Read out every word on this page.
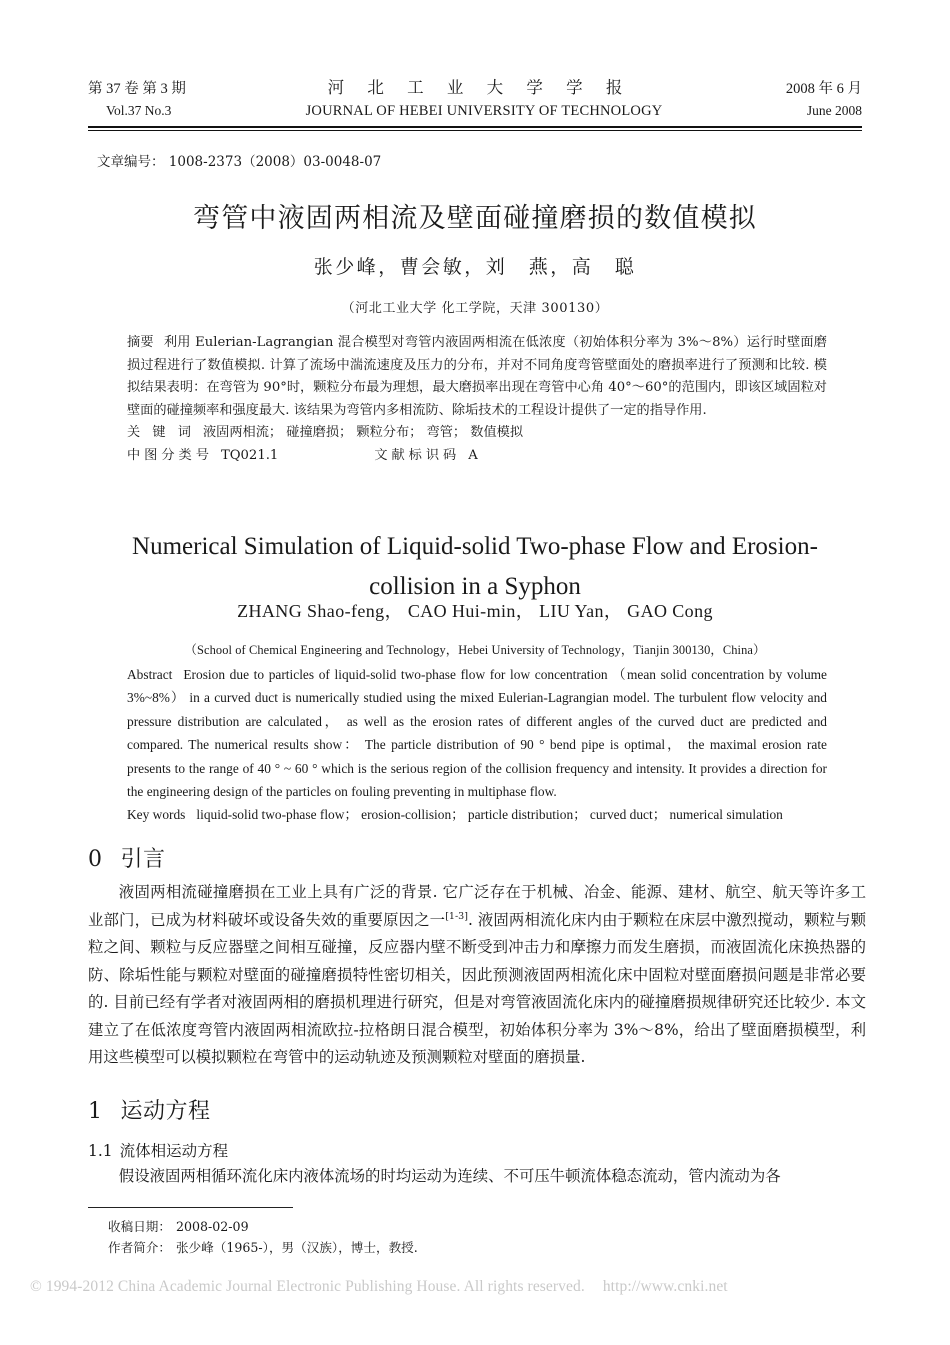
第 37 卷 第 3 期	河 北 工 业 大 学 学 报	2008 年 6 月
Vol.37 No.3	JOURNAL OF HEBEI UNIVERSITY OF TECHNOLOGY	June 2008
文章编号： 1008-2373（2008）03-0048-07
弯管中液固两相流及壁面碰撞磨损的数值模拟
张少峰，曹会敏，刘　燕，高　聪
（河北工业大学 化工学院，天津 300130）
摘要 利用 Eulerian-Lagrangian 混合模型对弯管内液固两相流在低浓度（初始体积分率为 3%～8%）运行时壁面磨损过程进行了数值模拟. 计算了流场中湍流速度及压力的分布，并对不同角度弯管壁面处的磨损率进行了预测和比较. 模拟结果表明：在弯管为 90°时，颗粒分布最为理想，最大磨损率出现在弯管中心角 40°～60°的范围内，即该区域固粒对壁面的碰撞频率和强度最大. 该结果为弯管内多相流防、除垢技术的工程设计提供了一定的指导作用.
关 键 词 液固两相流； 碰撞磨损； 颗粒分布； 弯管； 数值模拟
中图分类号 TQ021.1	文献标识码 A
Numerical Simulation of Liquid-solid Two-phase Flow and Erosion-collision in a Syphon
ZHANG Shao-feng， CAO Hui-min， LIU Yan， GAO Cong
（School of Chemical Engineering and Technology，Hebei University of Technology，Tianjin 300130，China）
Abstract Erosion due to particles of liquid-solid two-phase flow for low concentration （mean solid concentration by volume 3%~8%） in a curved duct is numerically studied using the mixed Eulerian-Lagrangian model. The turbulent flow velocity and pressure distribution are calculated， as well as the erosion rates of different angles of the curved duct are predicted and compared. The numerical results show： The particle distribution of 90 ° bend pipe is optimal， the maximal erosion rate presents to the range of 40 ° ~ 60 ° which is the serious region of the collision frequency and intensity. It provides a direction for the engineering design of the particles on fouling preventing in multiphase flow.
Key words liquid-solid two-phase flow； erosion-collision； particle distribution； curved duct； numerical simulation
0 引言

液固两相流碰撞磨损在工业上具有广泛的背景. 它广泛存在于机械、冶金、能源、建材、航空、航天等许多工业部门，已成为材料破坏或设备失效的重要原因之一[1-3]. 液固两相流化床内由于颗粒在床层中激烈搅动，颗粒与颗粒之间、颗粒与反应器壁之间相互碰撞，反应器内壁不断受到冲击力和摩擦力而发生磨损，而液固流化床换热器的防、除垢性能与颗粒对壁面的碰撞磨损特性密切相关，因此预测液固两相流化床中固粒对壁面磨损问题是非常必要的. 目前已经有学者对液固两相的磨损机理进行研究，但是对弯管液固流化床内的碰撞磨损规律研究还比较少. 本文建立了在低浓度弯管内液固两相流欧拉-拉格朗日混合模型，初始体积分率为 3%～8%，给出了壁面磨损模型，利用这些模型可以模拟颗粒在弯管中的运动轨迹及预测颗粒对壁面的磨损量.

1 运动方程
1.1 流体相运动方程

假设液固两相循环流化床内液体流场的时均运动为连续、不可压牛顿流体稳态流动，管内流动为各

收稿日期： 2008-02-09
作者简介： 张少峰（1965-），男（汉族），博士，教授.
© 1994-2012 China Academic Journal Electronic Publishing House. All rights reserved. http://www.cnki.net
